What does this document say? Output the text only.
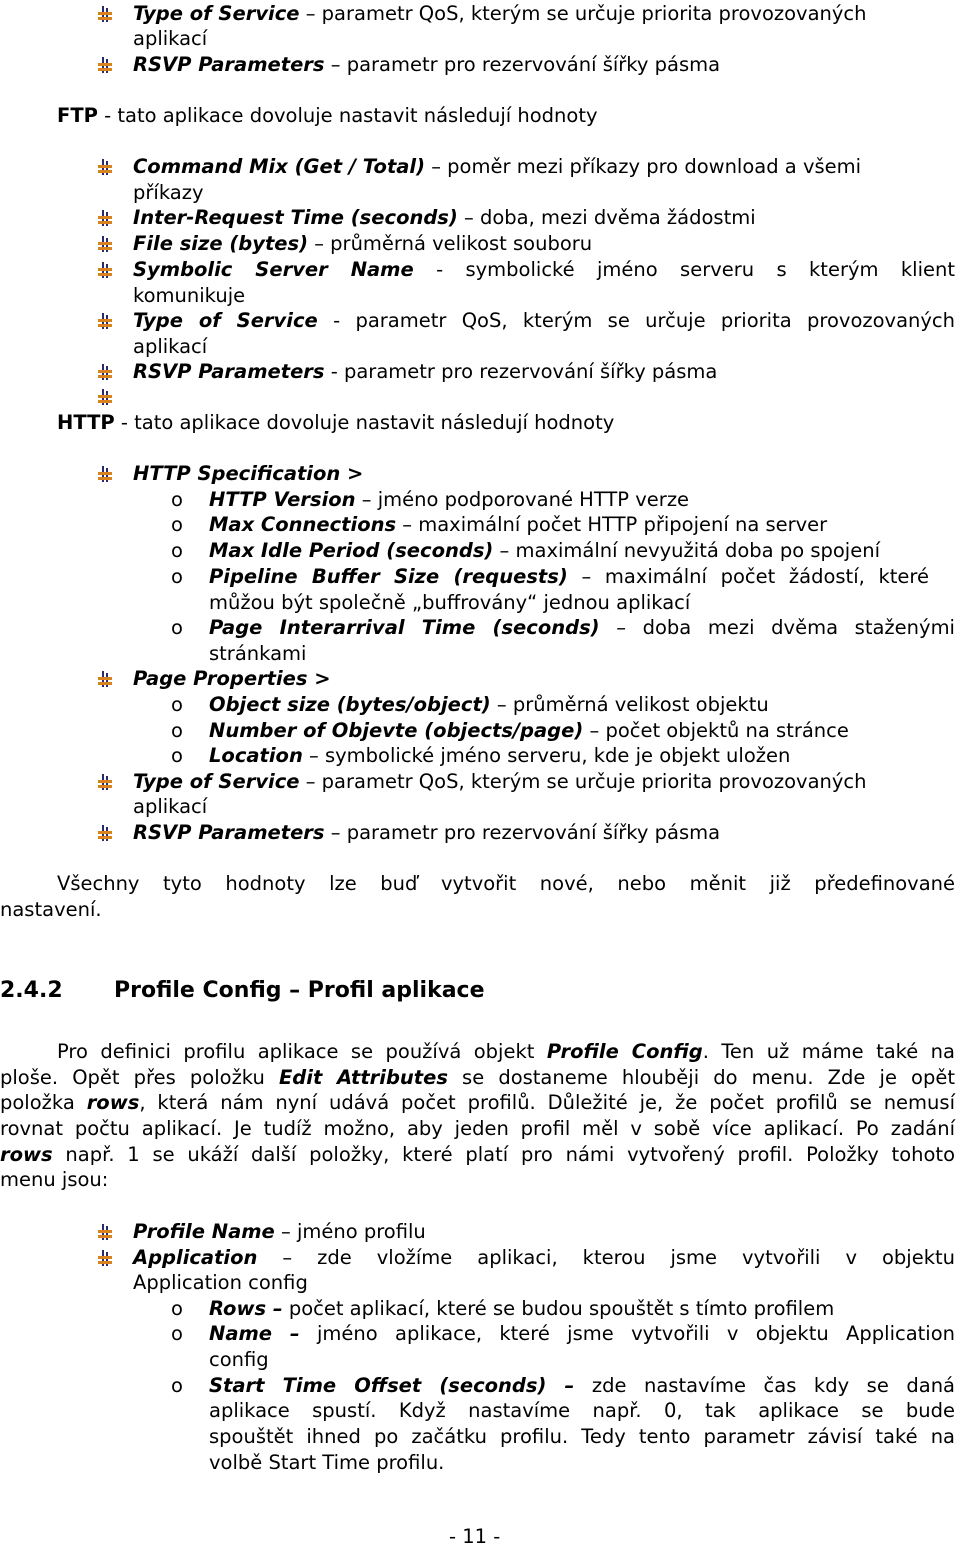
Type of Service – parametr QoS, kterým se určuje priorita provozovaných
aplikací
RSVP Parameters – parametr pro rezervování šířky pásma
FTP - tato aplikace dovoluje nastavit následují hodnoty
Command Mix (Get / Total) – poměr mezi příkazy pro download a všemi
příkazy
Inter-Request Time (seconds) – doba, mezi dvěma žádostmi
File size (bytes) – průměrná velikost souboru
Symbolic Server Name - symbolické jméno serveru s kterým klient
komunikuje
Type of Service - parametr QoS, kterým se určuje priorita provozovaných
aplikací
RSVP Parameters - parametr pro rezervování šířky pásma
HTTP - tato aplikace dovoluje nastavit následují hodnoty
HTTP Specification >
o HTTP Version – jméno podporované HTTP verze
o Max Connections – maximální počet HTTP připojení na server
o Max Idle Period (seconds) – maximální nevyužitá doba po spojení
o Pipeline Buffer Size (requests) – maximální počet žádostí, které
můžou být společně „buffrovány“ jednou aplikací
o Page Interarrival Time (seconds) – doba mezi dvěma staženými
stránkami
Page Properties >
o Object size (bytes/object) – průměrná velikost objektu
o Number of Objevte (objects/page) – počet objektů na stránce
o Location – symbolické jméno serveru, kde je objekt uložen
Type of Service – parametr QoS, kterým se určuje priorita provozovaných
aplikací
RSVP Parameters – parametr pro rezervování šířky pásma
Všechny tyto hodnoty lze buď vytvořit nové, nebo měnit již předefinované
nastavení.
2.4.2 Profile Config – Profil aplikace
Pro definici profilu aplikace se používá objekt Profile Config. Ten už máme také na
ploše. Opět přes položku Edit Attributes se dostaneme hlouběji do menu. Zde je opět
položka rows, která nám nyní udává počet profilů. Důležité je, že počet profilů se nemusí
rovnat počtu aplikací. Je tudíž možno, aby jeden profil měl v sobě více aplikací. Po zadání
rows např. 1 se ukáží další položky, které platí pro námi vytvořený profil. Položky tohoto
menu jsou:
Profile Name – jméno profilu
Application – zde vložíme aplikaci, kterou jsme vytvořili v objektu
Application config
o Rows – počet aplikací, které se budou spouštět s tímto profilem
o Name – jméno aplikace, které jsme vytvořili v objektu Application
config
o Start Time Offset (seconds) – zde nastavíme čas kdy se daná
aplikace spustí. Když nastavíme např. 0, tak aplikace se bude
spouštět ihned po začátku profilu. Tedy tento parametr závisí také na
volbě Start Time profilu.
- 11 -
